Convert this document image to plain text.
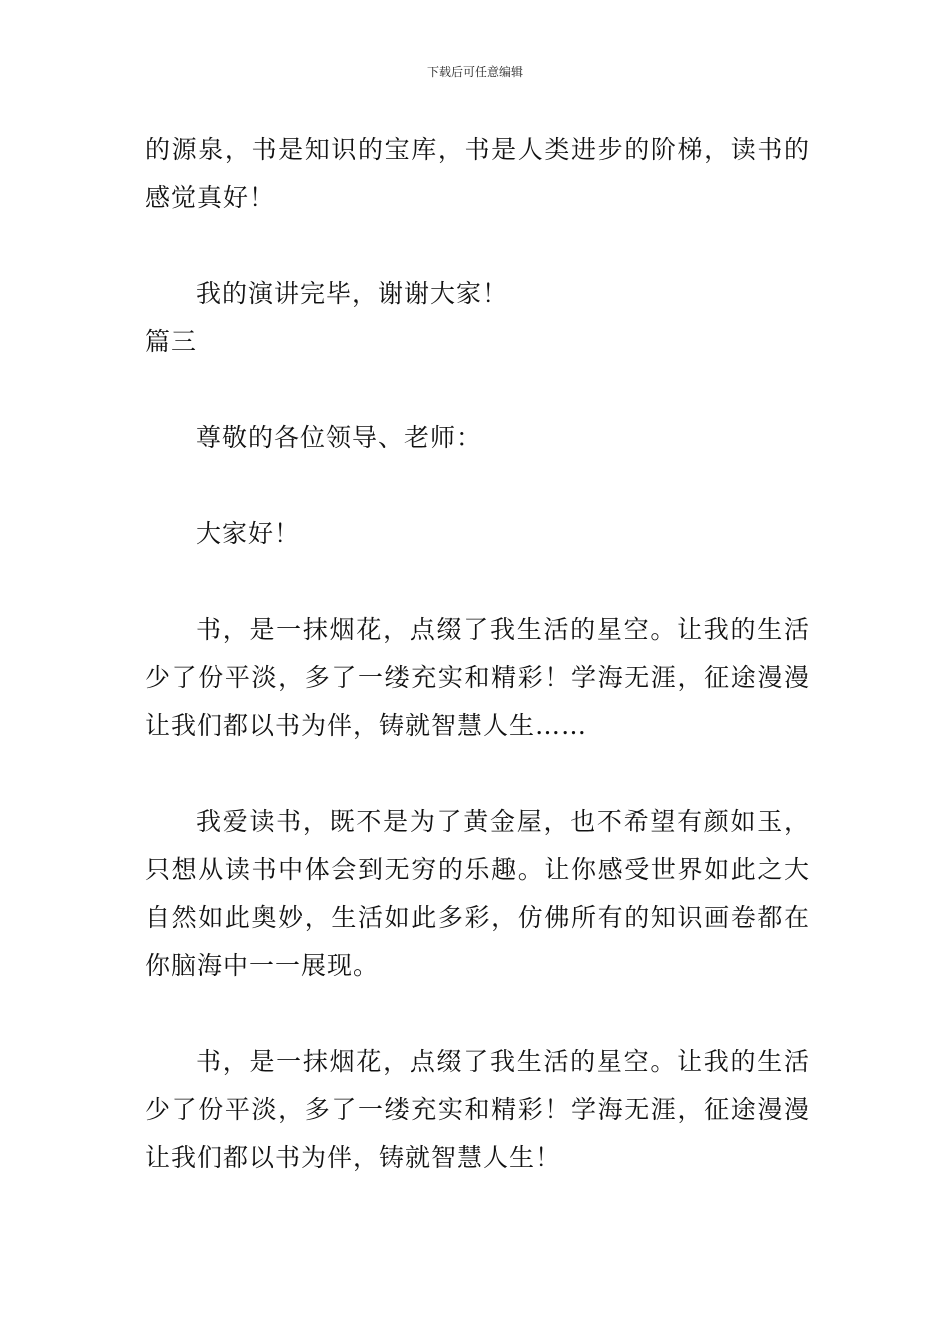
下载后可任意编辑

的源泉，书是知识的宝库，书是人类进步的阶梯，读书的感觉真好！

我的演讲完毕，谢谢大家！

篇三

尊敬的各位领导、老师：

大家好！

书，是一抹烟花，点缀了我生活的星空。让我的生活少了份平淡，多了一缕充实和精彩！学海无涯，征途漫漫让我们都以书为伴，铸就智慧人生……

我爱读书，既不是为了黄金屋，也不希望有颜如玉，只想从读书中体会到无穷的乐趣。让你感受世界如此之大自然如此奥妙，生活如此多彩，仿佛所有的知识画卷都在你脑海中一一展现。

书，是一抹烟花，点缀了我生活的星空。让我的生活少了份平淡，多了一缕充实和精彩！学海无涯，征途漫漫让我们都以书为伴，铸就智慧人生！
